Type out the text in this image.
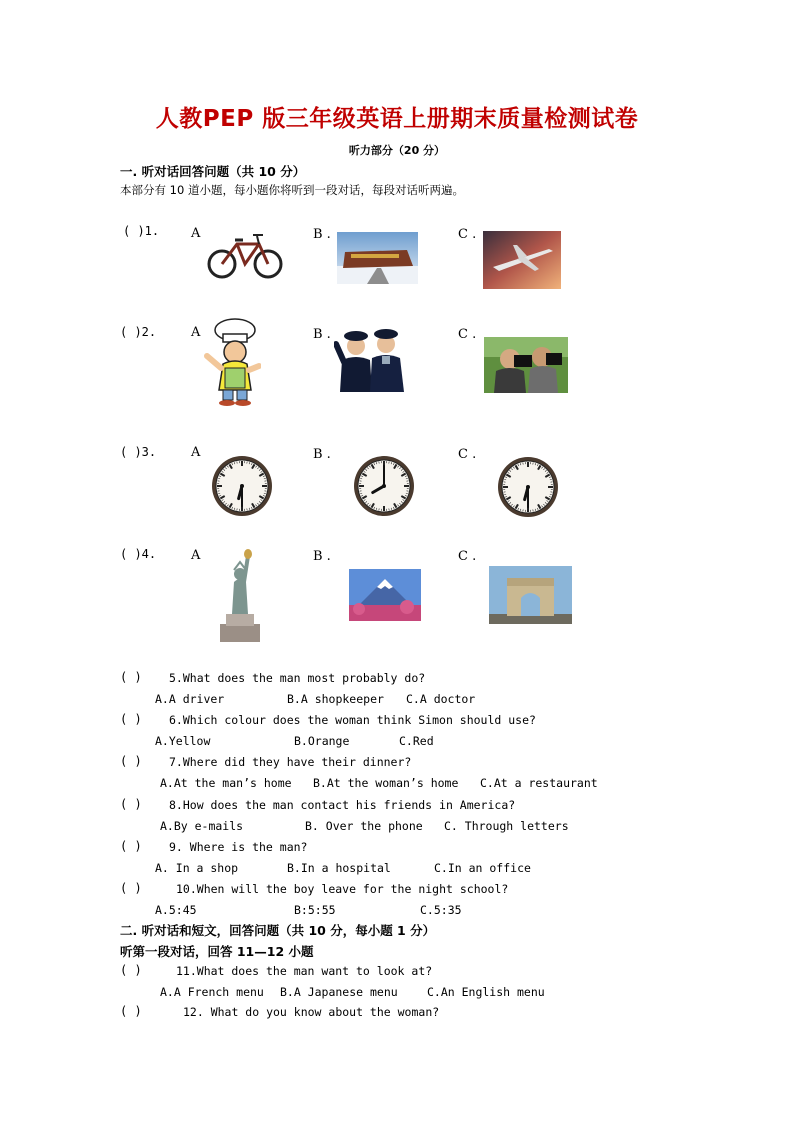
人教PEP 版三年级英语上册期末质量检测试卷
听力部分（20 分）
一. 听对话回答问题（共 10 分）
本部分有 10 道小题，每小题你将听到一段对话，每段对话听两遍。
( )1. A	B .	C .
( )2.	A	B .	C .
( )3.	A	B .	C .
( )4.	A	B .	C .
( ) 5.What does the man most probably do?
A.A driver	B.A shopkeeper C.A doctor
( ) 6.Which colour does the woman think Simon should use?
A.Yellow	B.Orange	C.Red
( ) 7.Where did they have their dinner?
A.At the man’s home B.At the woman’s home C.At a restaurant
( ) 8.How does the man contact his friends in America?
A.By e-mails	B. Over the phone C. Through letters
( ) 9. Where is the man?
A. In a shop	B.In a hospital	C.In an office
( )	10.When will the boy leave for the night school?
A.5:45	B:5:55	C.5:35
二. 听对话和短文，回答问题（共 10 分，每小题 1 分）
听第一段对话，回答 11—12 小题
( )	11.What does the man want to look at?
A.A French menu B.A Japanese menu	C.An English menu
( )	12. What do you know about the woman?
